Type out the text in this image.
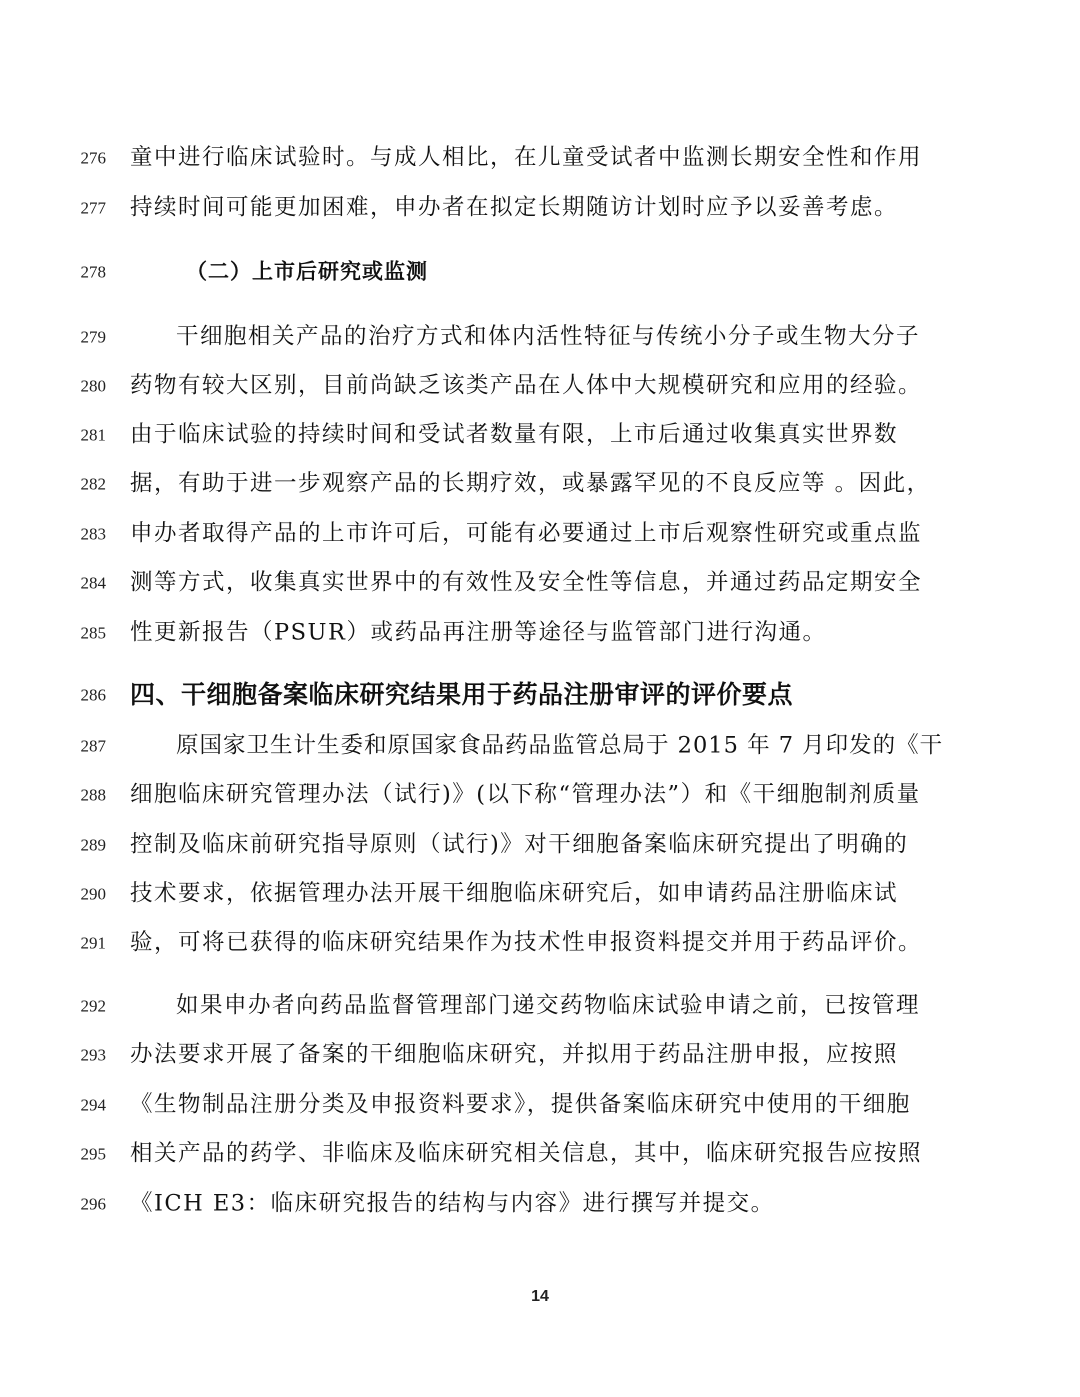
276 童中进行临床试验时。与成人相比，在儿童受试者中监测长期安全性和作用
277 持续时间可能更加困难，申办者在拟定长期随访计划时应予以妥善考虑。
278	（二）上市后研究或监测
279	干细胞相关产品的治疗方式和体内活性特征与传统小分子或生物大分子
280 药物有较大区别，目前尚缺乏该类产品在人体中大规模研究和应用的经验。
281 由于临床试验的持续时间和受试者数量有限，上市后通过收集真实世界数
282 据，有助于进一步观察产品的长期疗效，或暴露罕见的不良反应等 。因此，
283 申办者取得产品的上市许可后，可能有必要通过上市后观察性研究或重点监
284 测等方式，收集真实世界中的有效性及安全性等信息，并通过药品定期安全
285 性更新报告（PSUR）或药品再注册等途径与监管部门进行沟通。
286 四、干细胞备案临床研究结果用于药品注册审评的评价要点
287	原国家卫生计生委和原国家食品药品监管总局于 2015 年 7 月印发的《干
288 细胞临床研究管理办法（试行)》(以下称“管理办法”）和《干细胞制剂质量
289 控制及临床前研究指导原则（试行)》对干细胞备案临床研究提出了明确的
290 技术要求，依据管理办法开展干细胞临床研究后，如申请药品注册临床试
291 验，可将已获得的临床研究结果作为技术性申报资料提交并用于药品评价。
292	如果申办者向药品监督管理部门递交药物临床试验申请之前，已按管理
293 办法要求开展了备案的干细胞临床研究，并拟用于药品注册申报，应按照
294 《生物制品注册分类及申报资料要求》，提供备案临床研究中使用的干细胞
295 相关产品的药学、非临床及临床研究相关信息，其中，临床研究报告应按照
296 《ICH E3：临床研究报告的结构与内容》进行撰写并提交。
14
